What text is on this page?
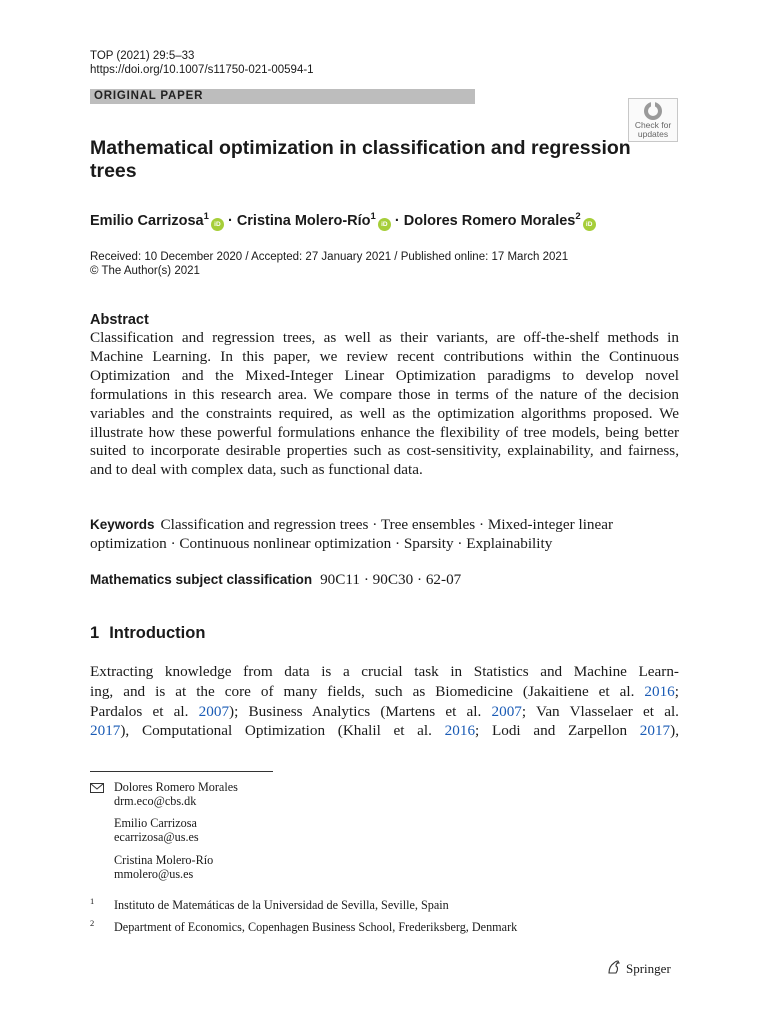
TOP (2021) 29:5–33
https://doi.org/10.1007/s11750-021-00594-1
ORIGINAL PAPER
Check for updates
Mathematical optimization in classification and regression trees
Emilio Carrizosa$^1$iD · Cristina Molero-Río$^1$iD · Dolores Romero Morales$^2$iD
Received: 10 December 2020 / Accepted: 27 January 2021 / Published online: 17 March 2021
© The Author(s) 2021
Abstract

Classification and regression trees, as well as their variants, are off-the-shelf methods in Machine Learning. In this paper, we review recent contributions within the Continuous Optimization and the Mixed-Integer Linear Optimization paradigms to develop novel formulations in this research area. We compare those in terms of the nature of the decision variables and the constraints required, as well as the optimization algorithms proposed. We illustrate how these powerful formulations enhance the flexibility of tree models, being better suited to incorporate desirable properties such as cost-sensitivity, explainability, and fairness, and to deal with complex data, such as functional data.

Keywords Classification and regression trees · Tree ensembles · Mixed-integer linear optimization · Continuous nonlinear optimization · Sparsity · Explainability
Mathematics subject classification 90C11 · 90C30 · 62-07
1 Introduction
Extracting knowledge from data is a crucial task in Statistics and Machine Learn-
ing, and is at the core of many fields, such as Biomedicine (Jakaitiene et al. 2016;
Pardalos et al. 2007); Business Analytics (Martens et al. 2007; Van Vlasselaer et al.
2017), Computational Optimization (Khalil et al. 2016; Lodi and Zarpellon 2017),
Dolores Romero Morales
drm.eco@cbs.dk
Emilio Carrizosa
ecarrizosa@us.es
Cristina Molero-Río
mmolero@us.es
1 Instituto de Matemáticas de la Universidad de Sevilla, Seville, Spain
2 Department of Economics, Copenhagen Business School, Frederiksberg, Denmark
Springer
